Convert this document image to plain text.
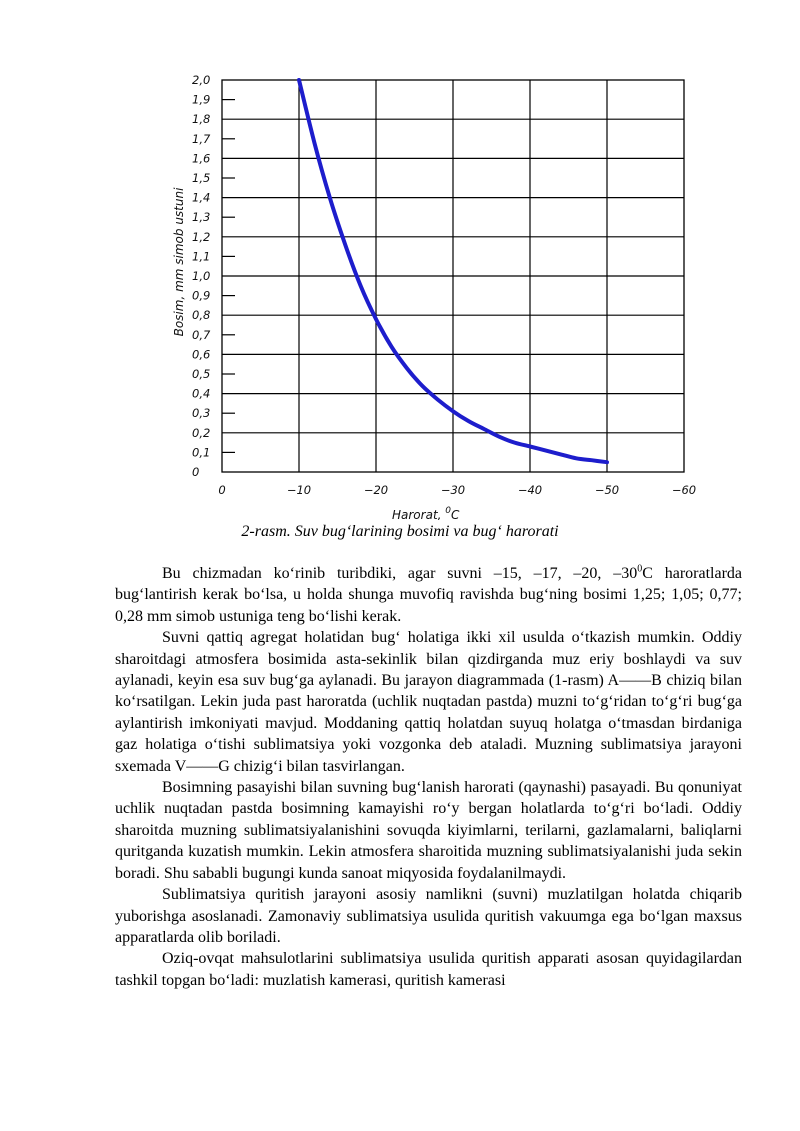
0
0,1
0,2
0,3
0,4
0,5
0,6
0,7
0,8
0,9
1,0
1,1
1,2
1,3
1,4
1,5
1,6
1,7
1,8
1,9
2,0
0	−10	−20	−30	−40	−50	−60
Bosim, mm simob ustuni
Harorat, $^0$C
2-rasm. Suv bug‘larining bosimi va bug‘ harorati

Bu chizmadan ko‘rinib turibdiki, agar suvni –15, –17, –20, $-30^0C$ haroratlarda bug‘lantirish kerak bo‘lsa, u holda shunga muvofiq ravishda bug‘ning bosimi 1,25; 1,05; 0,77; 0,28 mm simob ustuniga teng bo‘lishi kerak.

Suvni qattiq agregat holatidan bug‘ holatiga ikki xil usulda o‘tkazish mumkin. Oddiy sharoitdagi atmosfera bosimida asta-sekinlik bilan qizdirganda muz eriy boshlaydi va suv aylanadi, keyin esa suv bug‘ga aylanadi. Bu jarayon diagrammada (1-rasm) A——B chiziq bilan ko‘rsatilgan. Lekin juda past haroratda (uchlik nuqtadan pastda) muzni to‘g‘ridan to‘g‘ri bug‘ga aylantirish imkoniyati mavjud. Moddaning qattiq holatdan suyuq holatga o‘tmasdan birdaniga gaz holatiga o‘tishi sublimatsiya yoki vozgonka deb ataladi. Muzning sublimatsiya jarayoni sxemada V——G chizig‘i bilan tasvirlangan.

Bosimning pasayishi bilan suvning bug‘lanish harorati (qaynashi) pasayadi. Bu qonuniyat uchlik nuqtadan pastda bosimning kamayishi ro‘y bergan holatlarda to‘g‘ri bo‘ladi. Oddiy sharoitda muzning sublimatsiyalanishini sovuqda kiyimlarni, terilarni, gazlamalarni, baliqlarni quritganda kuzatish mumkin. Lekin atmosfera sharoitida muzning sublimatsiyalanishi juda sekin boradi. Shu sababli bugungi kunda sanoat miqyosida foydalanilmaydi.

Sublimatsiya quritish jarayoni asosiy namlikni (suvni) muzlatilgan holatda chiqarib yuborishga asoslanadi. Zamonaviy sublimatsiya usulida quritish vakuumga ega bo‘lgan maxsus apparatlarda olib boriladi.

Oziq-ovqat mahsulotlarini sublimatsiya usulida quritish apparati asosan quyidagilardan tashkil topgan bo‘ladi: muzlatish kamerasi, quritish kamerasi
